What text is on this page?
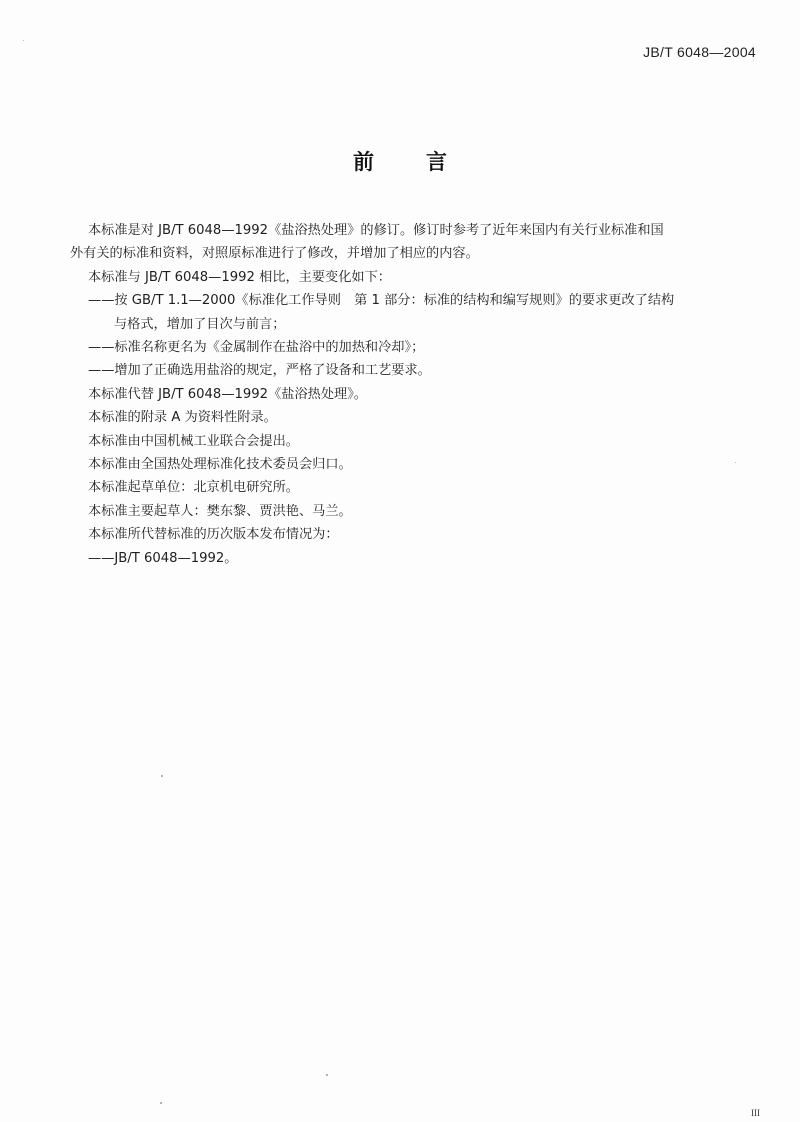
JB/T 6048—2004
前 言

本标准是对 JB/T 6048—1992《盐浴热处理》的修订。修订时参考了近年来国内有关行业标准和国

外有关的标准和资料，对照原标准进行了修改，并增加了相应的内容。

本标准与 JB/T 6048—1992 相比，主要变化如下：

——按 GB/T 1.1—2000《标准化工作导则　第 1 部分：标准的结构和编写规则》的要求更改了结构

与格式，增加了目次与前言；

——标准名称更名为《金属制作在盐浴中的加热和冷却》；

——增加了正确选用盐浴的规定，严格了设备和工艺要求。

本标准代替 JB/T 6048—1992《盐浴热处理》。

本标准的附录 A 为资料性附录。

本标准由中国机械工业联合会提出。

本标准由全国热处理标准化技术委员会归口。

本标准起草单位：北京机电研究所。

本标准主要起草人：樊东黎、贾洪艳、马兰。

本标准所代替标准的历次版本发布情况为：

——JB/T 6048—1992。

III
